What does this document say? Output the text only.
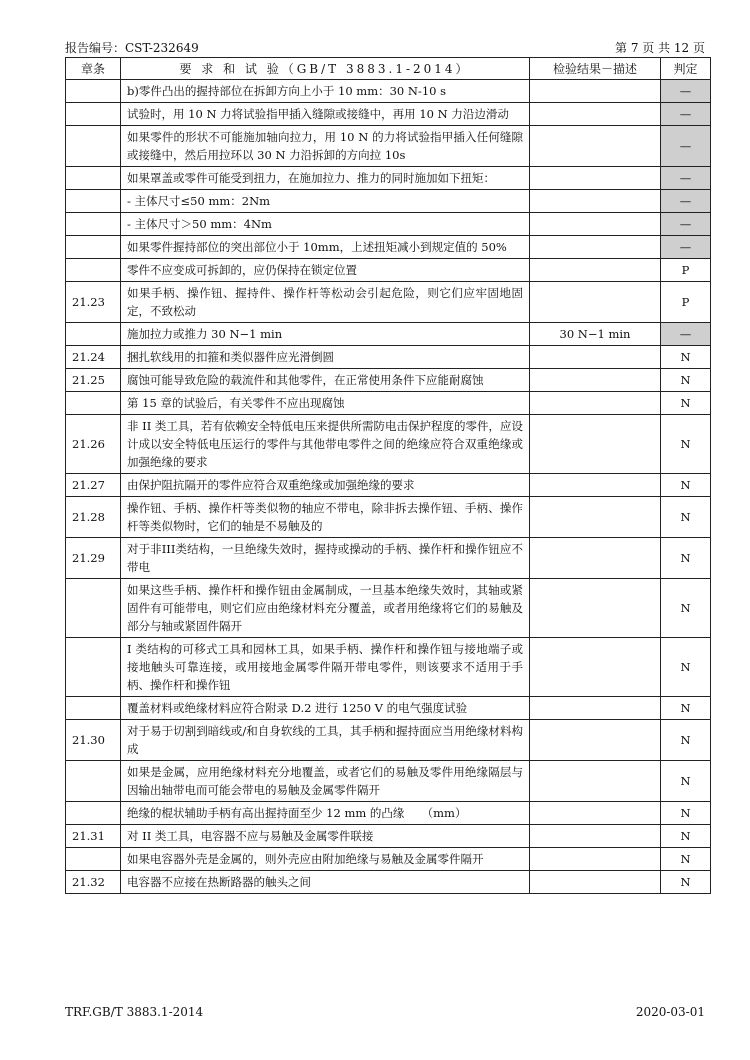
报告编号：CST-232649	第 7 页 共 12 页
章条	要 求 和 试 验（GB/T 3883.1-2014）	检验结果－描述	判定
	b)零件凸出的握持部位在拆卸方向上小于 10 mm：30 N-10 s		—
	试验时，用 10 N 力将试验指甲插入缝隙或接缝中，再用 10 N 力沿边滑动		—
	如果零件的形状不可能施加轴向拉力，用 10 N 的力将试验指甲插入任何缝隙或接缝中，然后用拉环以 30 N 力沿拆卸的方向拉 10s		—
	如果罩盖或零件可能受到扭力，在施加拉力、推力的同时施加如下扭矩：		—
	- 主体尺寸≤50 mm：2Nm		—
	- 主体尺寸＞50 mm：4Nm		—
	如果零件握持部位的突出部位小于 10mm，上述扭矩减小到规定值的 50%		—
	零件不应变成可拆卸的，应仍保持在锁定位置		P
21.23	如果手柄、操作钮、握持件、操作杆等松动会引起危险，则它们应牢固地固定，不致松动		P
	施加拉力或推力 30 N−1 min	30 N−1 min	—
21.24	捆扎软线用的扣箍和类似器件应光滑倒圆		N
21.25	腐蚀可能导致危险的载流件和其他零件，在正常使用条件下应能耐腐蚀		N
	第 15 章的试验后，有关零件不应出现腐蚀		N
21.26	非 II 类工具，若有依赖安全特低电压来提供所需防电击保护程度的零件，应设计成以安全特低电压运行的零件与其他带电零件之间的绝缘应符合双重绝缘或加强绝缘的要求		N
21.27	由保护阻抗隔开的零件应符合双重绝缘或加强绝缘的要求		N
21.28	操作钮、手柄、操作杆等类似物的轴应不带电，除非拆去操作钮、手柄、操作杆等类似物时，它们的轴是不易触及的		N
21.29	对于非III类结构，一旦绝缘失效时，握持或操动的手柄、操作杆和操作钮应不带电		N
	如果这些手柄、操作杆和操作钮由金属制成，一旦基本绝缘失效时，其轴或紧固件有可能带电，则它们应由绝缘材料充分覆盖，或者用绝缘将它们的易触及部分与轴或紧固件隔开		N
	I 类结构的可移式工具和园林工具，如果手柄、操作杆和操作钮与接地端子或接地触头可靠连接，或用接地金属零件隔开带电零件，则该要求不适用于手柄、操作杆和操作钮		N
	覆盖材料或绝缘材料应符合附录 D.2 进行 1250 V 的电气强度试验		N
21.30	对于易于切割到暗线或/和自身软线的工具，其手柄和握持面应当用绝缘材料构成		N
	如果是金属，应用绝缘材料充分地覆盖，或者它们的易触及零件用绝缘隔层与因输出轴带电而可能会带电的易触及金属零件隔开		N
	绝缘的棍状辅助手柄有高出握持面至少 12 mm 的凸缘　　（mm）		N
21.31	对 II 类工具，电容器不应与易触及金属零件联接		N
	如果电容器外壳是金属的，则外壳应由附加绝缘与易触及金属零件隔开		N
21.32	电容器不应接在热断路器的触头之间		N
TRF.GB/T 3883.1-2014	2020-03-01
